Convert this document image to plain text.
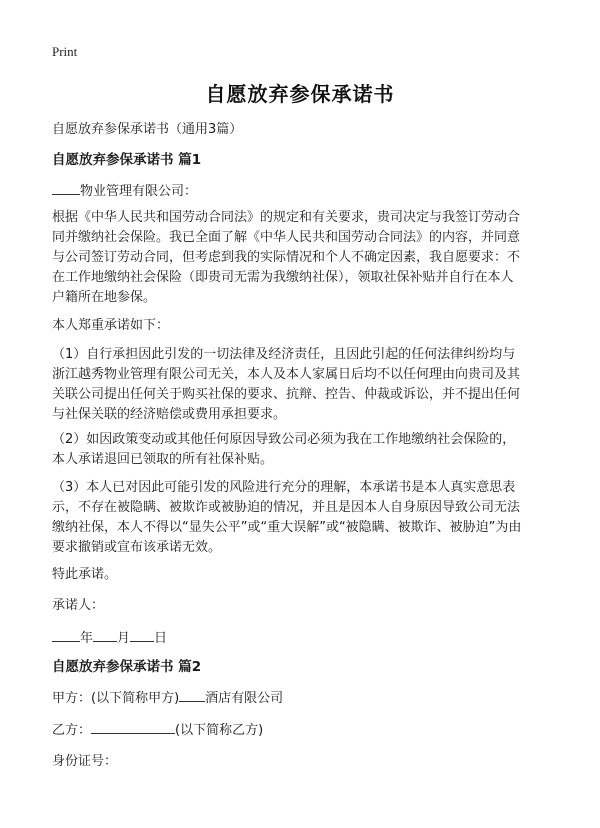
Print
自愿放弃参保承诺书
自愿放弃参保承诺书（通用3篇）
自愿放弃参保承诺书 篇1
物业管理有限公司：

根据《中华人民共和国劳动合同法》的规定和有关要求，贵司决定与我签订劳动合

同并缴纳社会保险。我已全面了解《中华人民共和国劳动合同法》的内容，并同意

与公司签订劳动合同，但考虑到我的实际情况和个人不确定因素，我自愿要求：不

在工作地缴纳社会保险（即贵司无需为我缴纳社保），领取社保补贴并自行在本人

户籍所在地参保。

本人郑重承诺如下：

（1）自行承担因此引发的一切法律及经济责任，且因此引起的任何法律纠纷均与

浙江越秀物业管理有限公司无关，本人及本人家属日后均不以任何理由向贵司及其

关联公司提出任何关于购买社保的要求、抗辩、控告、仲裁或诉讼，并不提出任何

与社保关联的经济赔偿或费用承担要求。

（2）如因政策变动或其他任何原因导致公司必须为我在工作地缴纳社会保险的，

本人承诺退回已领取的所有社保补贴。

（3）本人已对因此可能引发的风险进行充分的理解，本承诺书是本人真实意思表

示，不存在被隐瞒、被欺诈或被胁迫的情况，并且是因本人自身原因导致公司无法

缴纳社保，本人不得以“显失公平”或“重大误解”或“被隐瞒、被欺诈、被胁迫”为由

要求撤销或宣布该承诺无效。

特此承诺。
承诺人：
年 月 日
自愿放弃参保承诺书 篇2
甲方：(以下简称甲方) 酒店有限公司
乙方：	(以下简称乙方)
身份证号：
